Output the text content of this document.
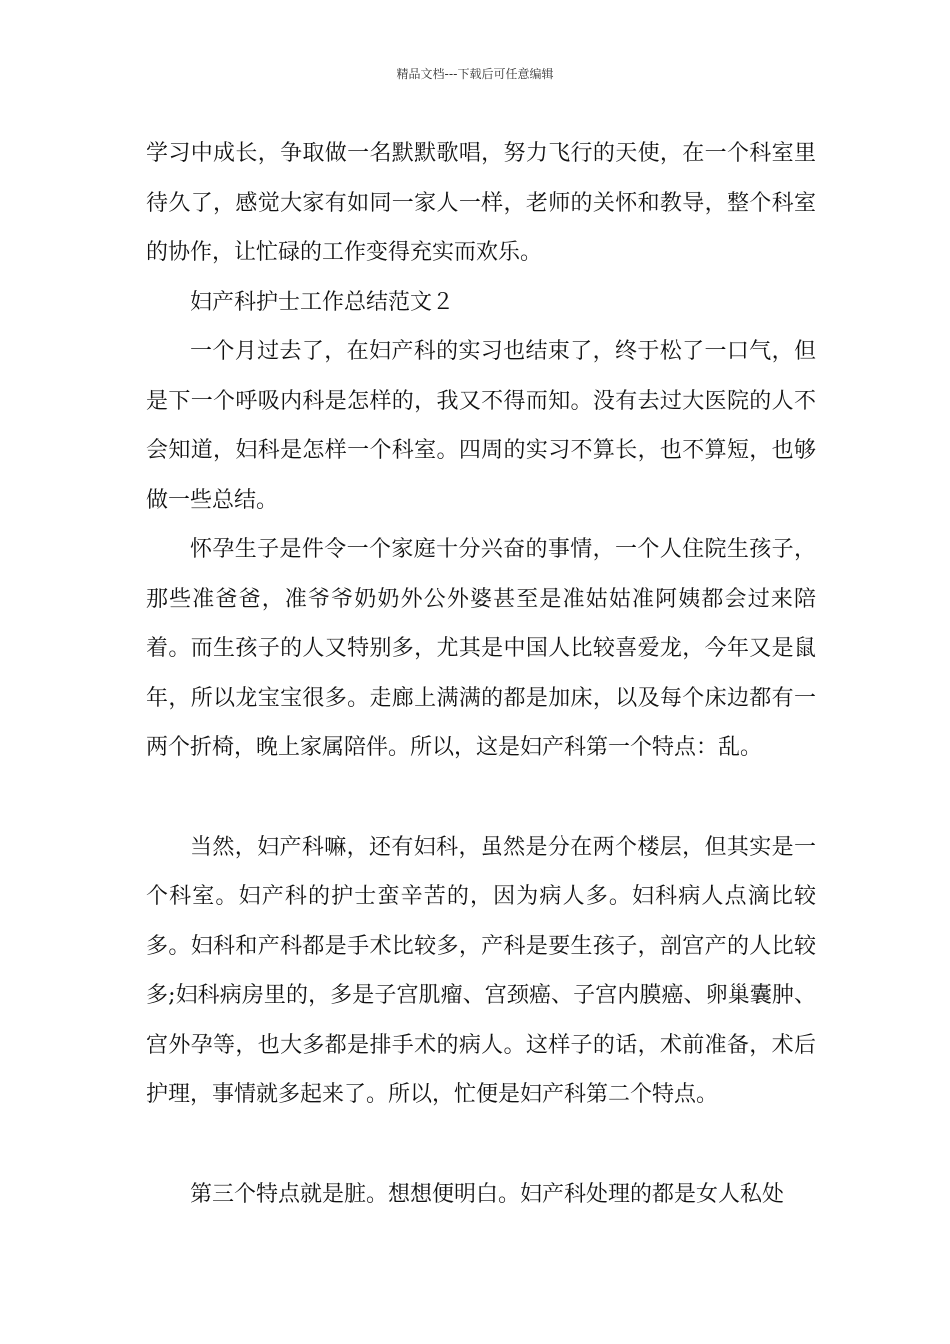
精品文档---下载后可任意编辑

学习中成长，争取做一名默默歌唱，努力飞行的天使，在一个科室里待久了，感觉大家有如同一家人一样，老师的关怀和教导，整个科室的协作，让忙碌的工作变得充实而欢乐。

妇产科护士工作总结范文２

一个月过去了，在妇产科的实习也结束了，终于松了一口气，但是下一个呼吸内科是怎样的，我又不得而知。没有去过大医院的人不会知道，妇科是怎样一个科室。四周的实习不算长，也不算短，也够做一些总结。

怀孕生子是件令一个家庭十分兴奋的事情，一个人住院生孩子，那些准爸爸，准爷爷奶奶外公外婆甚至是准姑姑准阿姨都会过来陪着。而生孩子的人又特别多，尤其是中国人比较喜爱龙，今年又是鼠年，所以龙宝宝很多。走廊上满满的都是加床，以及每个床边都有一两个折椅，晚上家属陪伴。所以，这是妇产科第一个特点：乱。

当然，妇产科嘛，还有妇科，虽然是分在两个楼层，但其实是一个科室。妇产科的护士蛮辛苦的，因为病人多。妇科病人点滴比较多。妇科和产科都是手术比较多，产科是要生孩子，剖宫产的人比较多;妇科病房里的，多是子宫肌瘤、宫颈癌、子宫内膜癌、卵巢囊肿、宫外孕等，也大多都是排手术的病人。这样子的话，术前准备，术后护理，事情就多起来了。所以，忙便是妇产科第二个特点。

第三个特点就是脏。想想便明白。妇产科处理的都是女人私处
